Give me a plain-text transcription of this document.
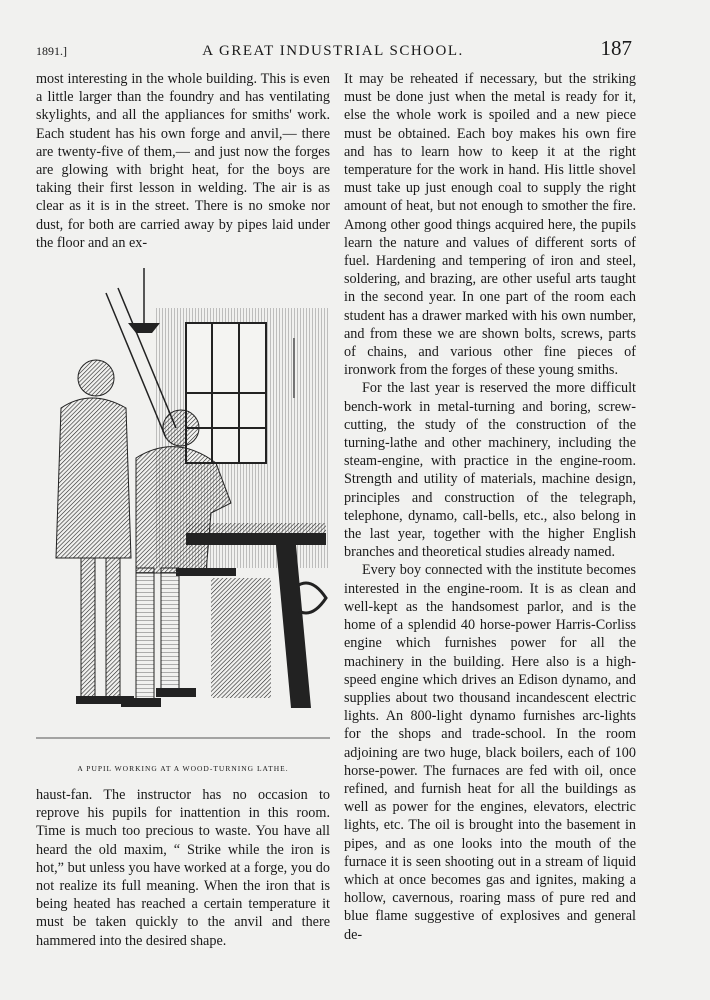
1891.]	A GREAT INDUSTRIAL SCHOOL.	187

most interesting in the whole building. This is even a little larger than the foundry and has ventilating skylights, and all the appliances for smiths' work. Each student has his own forge and anvil,— there are twenty-five of them,— and just now the forges are glowing with bright heat, for the boys are taking their first lesson in welding. The air is as clear as it is in the street. There is no smoke nor dust, for both are carried away by pipes laid under the floor and an ex-

A PUPIL WORKING AT A WOOD-TURNING LATHE.

haust-fan. The instructor has no occasion to reprove his pupils for inattention in this room. Time is much too precious to waste. You have all heard the old maxim, “ Strike while the iron is hot,” but unless you have worked at a forge, you do not realize its full meaning. When the iron that is being heated has reached a certain temperature it must be taken quickly to the anvil and there hammered into the desired shape.

It may be reheated if necessary, but the striking must be done just when the metal is ready for it, else the whole work is spoiled and a new piece must be obtained. Each boy makes his own fire and has to learn how to keep it at the right temperature for the work in hand. His little shovel must take up just enough coal to supply the right amount of heat, but not enough to smother the fire. Among other good things acquired here, the pupils learn the nature and values of different sorts of fuel. Hardening and tempering of iron and steel, soldering, and brazing, are other useful arts taught in the second year. In one part of the room each student has a drawer marked with his own number, and from these we are shown bolts, screws, parts of chains, and various other fine pieces of ironwork from the forges of these young smiths.

For the last year is reserved the more difficult bench-work in metal-turning and boring, screw-cutting, the study of the construction of the turning-lathe and other machinery, including the steam-engine, with practice in the engine-room. Strength and utility of materials, machine design, principles and construction of the telegraph, telephone, dynamo, call-bells, etc., also belong in the last year, together with the higher English branches and theoretical studies already named.

Every boy connected with the institute becomes interested in the engine-room. It is as clean and well-kept as the handsomest parlor, and is the home of a splendid 40 horse-power Harris-Corliss engine which furnishes power for all the machinery in the building. Here also is a high-speed engine which drives an Edison dynamo, and supplies about two thousand incandescent electric lights. An 800-light dynamo furnishes arc-lights for the shops and trade-school. In the room adjoining are two huge, black boilers, each of 100 horse-power. The furnaces are fed with oil, once refined, and furnish heat for all the buildings as well as power for the engines, elevators, electric lights, etc. The oil is brought into the basement in pipes, and as one looks into the mouth of the furnace it is seen shooting out in a stream of liquid which at once becomes gas and ignites, making a hollow, cavernous, roaring mass of pure red and blue flame suggestive of explosives and general de-
